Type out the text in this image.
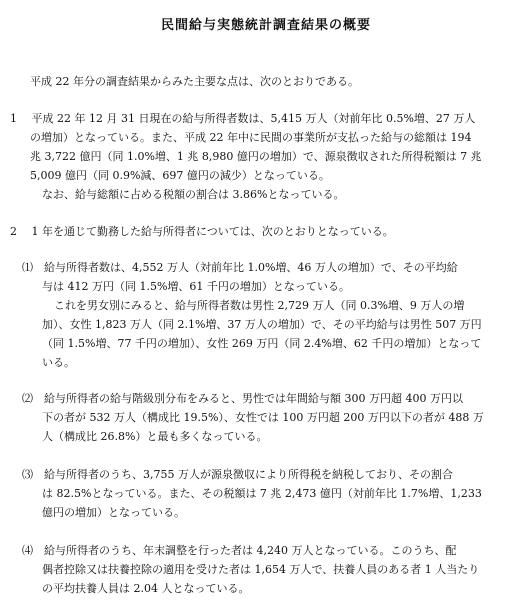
民間給与実態統計調査結果の概要
平成 22 年分の調査結果からみた主要な点は、次のとおりである。
1　 平成 22 年 12 月 31 日現在の給与所得者数は、5,415 万人（対前年比 0.5%増、27 万人
の増加）となっている。また、平成 22 年中に民間の事業所が支払った給与の総額は 194
兆 3,722 億円（同 1.0%増、1 兆 8,980 億円の増加）で、源泉徴収された所得税額は 7 兆
5,009 億円（同 0.9%減、697 億円の減少）となっている。
なお、給与総額に占める税額の割合は 3.86%となっている。
2　 1 年を通じて勤務した給与所得者については、次のとおりとなっている。
⑴　給与所得者数は、4,552 万人（対前年比 1.0%増、46 万人の増加）で、その平均給
与は 412 万円（同 1.5%増、61 千円の増加）となっている。
これを男女別にみると、給与所得者数は男性 2,729 万人（同 0.3%増、9 万人の増
加）、女性 1,823 万人（同 2.1%増、37 万人の増加）で、その平均給与は男性 507 万円
（同 1.5%増、77 千円の増加）、女性 269 万円（同 2.4%増、62 千円の増加）となって
いる。
⑵　給与所得者の給与階級別分布をみると、男性では年間給与額 300 万円超 400 万円以
下の者が 532 万人（構成比 19.5%）、女性では 100 万円超 200 万円以下の者が 488 万
人（構成比 26.8%）と最も多くなっている。
⑶　給与所得者のうち、3,755 万人が源泉徴収により所得税を納税しており、その割合
は 82.5%となっている。また、その税額は 7 兆 2,473 億円（対前年比 1.7%増、1,233
億円の増加）となっている。
⑷　給与所得者のうち、年末調整を行った者は 4,240 万人となっている。このうち、配
偶者控除又は扶養控除の適用を受けた者は 1,654 万人で、扶養人員のある者 1 人当たり
の平均扶養人員は 2.04 人となっている。
